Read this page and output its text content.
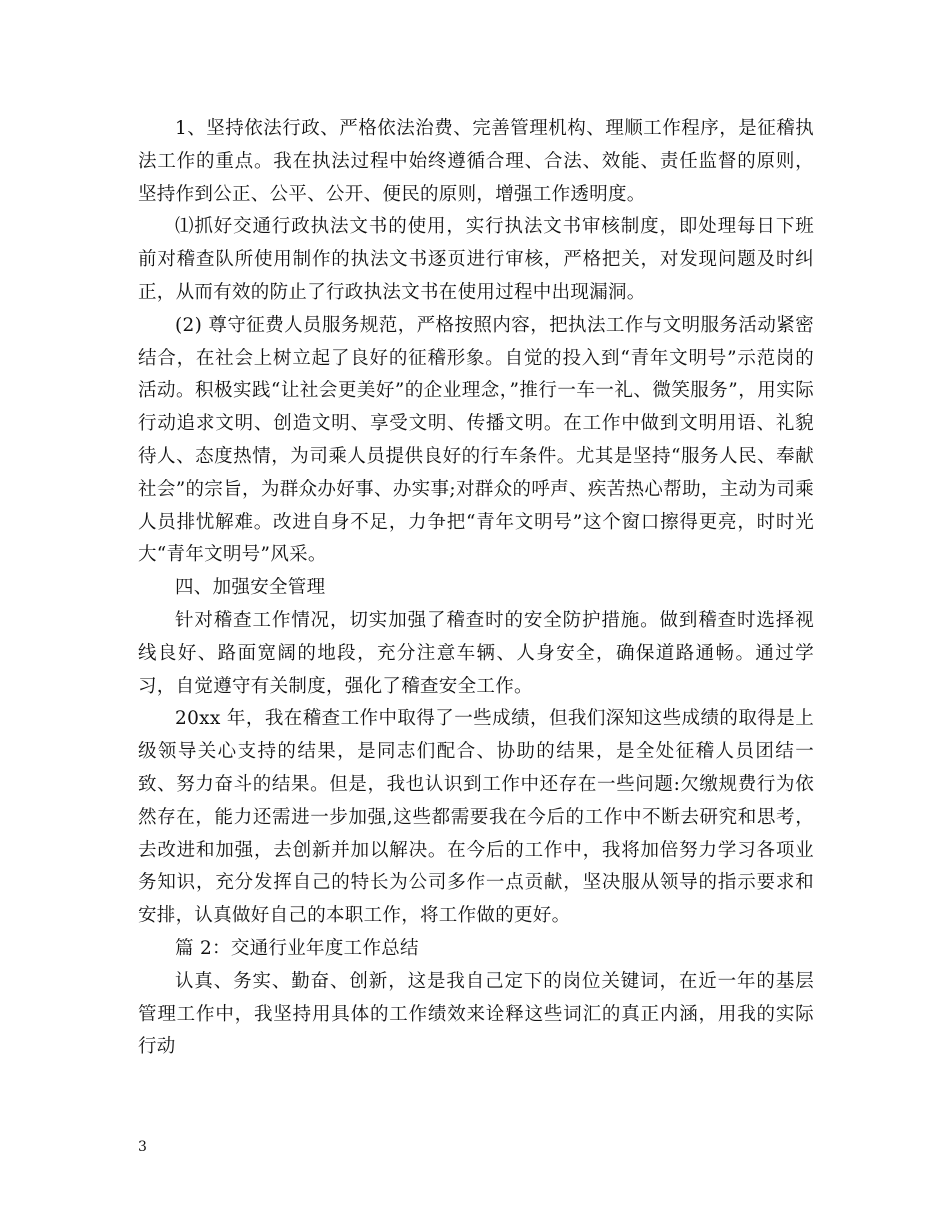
1、坚持依法行政、严格依法治费、完善管理机构、理顺工作程序，是征稽执法工作的重点。我在执法过程中始终遵循合理、合法、效能、责任监督的原则，坚持作到公正、公平、公开、便民的原则，增强工作透明度。

⑴抓好交通行政执法文书的使用，实行执法文书审核制度，即处理每日下班前对稽查队所使用制作的执法文书逐页进行审核，严格把关，对发现问题及时纠正，从而有效的防止了行政执法文书在使用过程中出现漏洞。

(2) 尊守征费人员服务规范，严格按照内容，把执法工作与文明服务活动紧密结合，在社会上树立起了良好的征稽形象。自觉的投入到“青年文明号”示范岗的活动。积极实践“让社会更美好”的企业理念，”推行一车一礼、微笑服务”，用实际行动追求文明、创造文明、享受文明、传播文明。在工作中做到文明用语、礼貌待人、态度热情，为司乘人员提供良好的行车条件。尤其是坚持“服务人民、奉献社会”的宗旨，为群众办好事、办实事;对群众的呼声、疾苦热心帮助，主动为司乘人员排忧解难。改进自身不足，力争把“青年文明号”这个窗口擦得更亮，时时光大“青年文明号”风采。

四、加强安全管理

针对稽查工作情况，切实加强了稽查时的安全防护措施。做到稽查时选择视线良好、路面宽阔的地段，充分注意车辆、人身安全，确保道路通畅。通过学习，自觉遵守有关制度，强化了稽查安全工作。

20xx 年，我在稽查工作中取得了一些成绩，但我们深知这些成绩的取得是上级领导关心支持的结果，是同志们配合、协助的结果，是全处征稽人员团结一致、努力奋斗的结果。但是，我也认识到工作中还存在一些问题:欠缴规费行为依然存在，能力还需进一步加强,这些都需要我在今后的工作中不断去研究和思考，去改进和加强，去创新并加以解决。在今后的工作中，我将加倍努力学习各项业务知识，充分发挥自己的特长为公司多作一点贡献，坚决服从领导的指示要求和安排，认真做好自己的本职工作，将工作做的更好。

篇 2：交通行业年度工作总结

认真、务实、勤奋、创新，这是我自己定下的岗位关键词，在近一年的基层管理工作中，我坚持用具体的工作绩效来诠释这些词汇的真正内涵，用我的实际行动

3
